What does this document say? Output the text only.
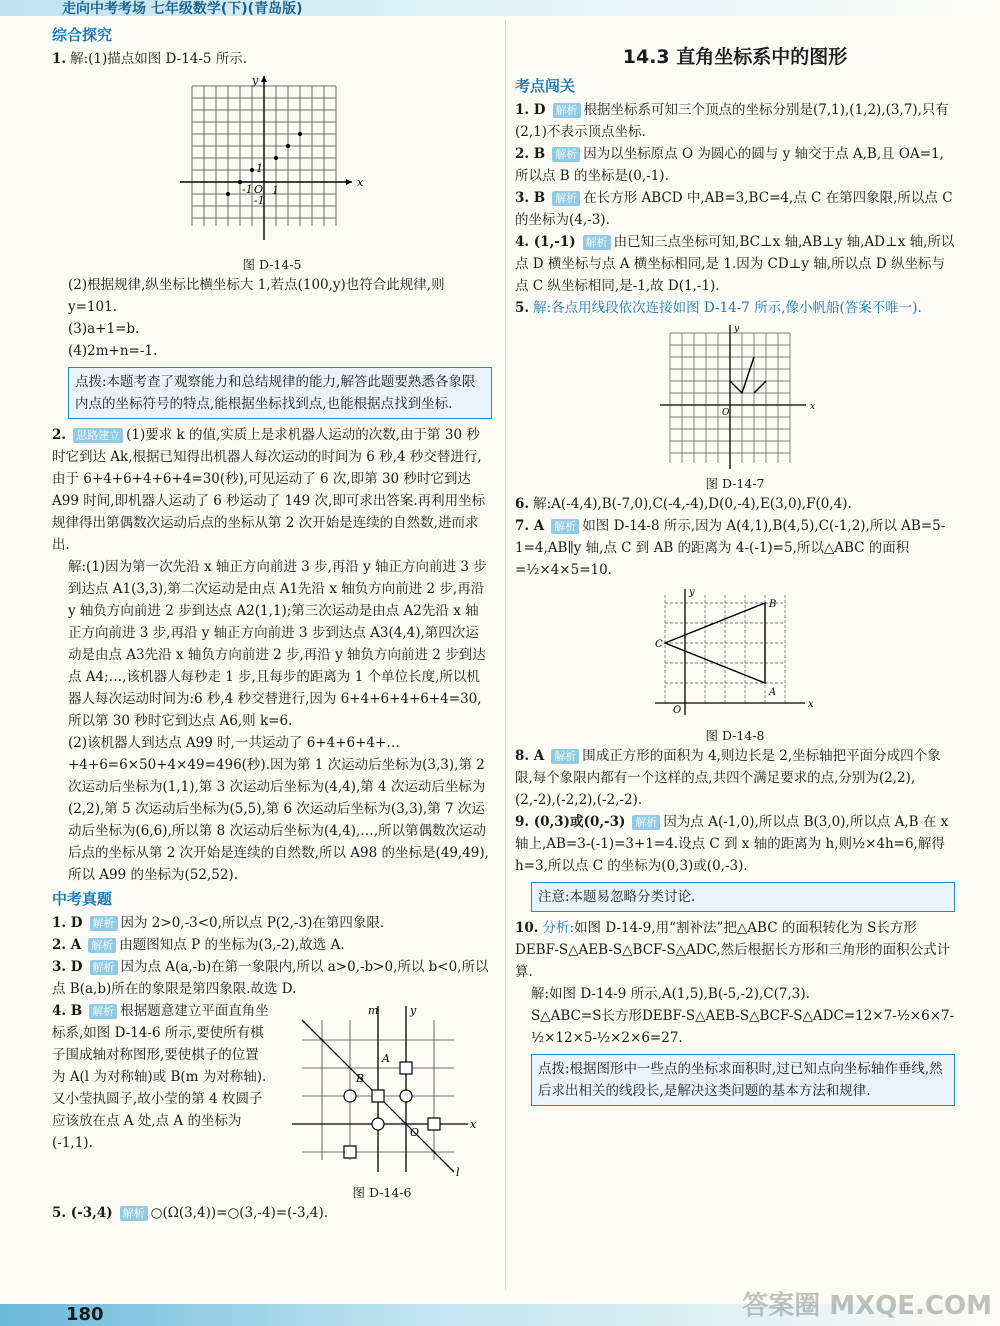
走向中考考场 七年级数学(下)(青岛版)
综合探究

1. 解:(1)描点如图 D-14-5 所示.

x
y
O 1
1
-1
-1
图 D-14-5

(2)根据规律,纵坐标比横坐标大 1,若点(100,y)也符合此规律,则 y=101.

(3)a+1=b.

(4)2m+n=-1.

点拨:本题考查了观察能力和总结规律的能力,解答此题要熟悉各象限内点的坐标符号的特点,能根据坐标找到点,也能根据点找到坐标.

2. 思路建立 (1)要求 k 的值,实质上是求机器人运动的次数,由于第 30 秒时它到达 Ak,根据已知得出机器人每次运动的时间为 6 秒,4 秒交替进行,由于 6+4+6+4+6+4=30(秒),可见运动了 6 次,即第 30 秒时它到达 A99 时间,即机器人运动了 6 秒运动了 149 次,即可求出答案.再利用坐标规律得出第偶数次运动后点的坐标从第 2 次开始是连续的自然数,进而求出.

解:(1)因为第一次先沿 x 轴正方向前进 3 步,再沿 y 轴正方向前进 3 步到达点 A1(3,3),第二次运动是由点 A1先沿 x 轴负方向前进 2 步,再沿 y 轴负方向前进 2 步到达点 A2(1,1);第三次运动是由点 A2先沿 x 轴正方向前进 3 步,再沿 y 轴正方向前进 3 步到达点 A3(4,4),第四次运动是由点 A3先沿 x 轴负方向前进 2 步,再沿 y 轴负方向前进 2 步到达点 A4;…,该机器人每秒走 1 步,且每步的距离为 1 个单位长度,所以机器人每次运动时间为:6 秒,4 秒交替进行,因为 6+4+6+4+6+4=30,所以第 30 秒时它到达点 A6,则 k=6.

(2)该机器人到达点 A99 时,一共运动了 6+4+6+4+…+4+6=6×50+4×49=496(秒).因为第 1 次运动后坐标为(3,3),第 2 次运动后坐标为(1,1),第 3 次运动后坐标为(4,4),第 4 次运动后坐标为(2,2),第 5 次运动后坐标为(5,5),第 6 次运动后坐标为(3,3),第 7 次运动后坐标为(6,6),所以第 8 次运动后坐标为(4,4),…,所以第偶数次运动后点的坐标从第 2 次开始是连续的自然数,所以 A98 的坐标是(49,49),所以 A99 的坐标为(52,52).

中考真题

1. D 解析 因为 2>0,-3<0,所以点 P(2,-3)在第四象限.

2. A 解析 由题图知点 P 的坐标为(3,-2),故选 A.

3. D 解析 因为点 A(a,-b)在第一象限内,所以 a>0,-b>0,所以 b<0,所以点 B(a,b)所在的象限是第四象限.故选 D.

4. B 解析 根据题意建立平面直角坐标系,如图 D-14-6 所示,要使所有棋子围成轴对称图形,要使棋子的位置为 A(l 为对称轴)或 B(m 为对称轴).又小莹执圆子,故小莹的第 4 枚圆子应该放在点 A 处,点 A 的坐标为(-1,1).

m	y
x
l
O
A
B
图 D-14-6

5. (-3,4) 解析 ○(Ω(3,4))=○(3,-4)=(-3,4).

14.3 直角坐标系中的图形
考点闯关

1. D 解析 根据坐标系可知三个顶点的坐标分别是(7,1),(1,2),(3,7),只有(2,1)不表示顶点坐标.

2. B 解析 因为以坐标原点 O 为圆心的圆与 y 轴交于点 A,B,且 OA=1,所以点 B 的坐标是(0,-1).

3. B 解析 在长方形 ABCD 中,AB=3,BC=4,点 C 在第四象限,所以点 C 的坐标为(4,-3).

4. (1,-1) 解析 由已知三点坐标可知,BC⊥x 轴,AB⊥y 轴,AD⊥x 轴,所以点 D 横坐标与点 A 横坐标相同,是 1.因为 CD⊥y 轴,所以点 D 纵坐标与点 C 纵坐标相同,是-1,故 D(1,-1).

5. 解:各点用线段依次连接如图 D-14-7 所示,像小帆船(答案不唯一).

x
y
O
图 D-14-7

6. 解:A(-4,4),B(-7,0),C(-4,-4),D(0,-4),E(3,0),F(0,4).

7. A 解析 如图 D-14-8 所示,因为 A(4,1),B(4,5),C(-1,2),所以 AB=5-1=4,AB∥y 轴,点 C 到 AB 的距离为 4-(-1)=5,所以△ABC 的面积=½×4×5=10.

x
y
O
C
B
A
图 D-14-8

8. A 解析 围成正方形的面积为 4,则边长是 2,坐标轴把平面分成四个象限,每个象限内都有一个这样的点,共四个满足要求的点,分别为(2,2),(2,-2),(-2,2),(-2,-2).

9. (0,3)或(0,-3) 解析 因为点 A(-1,0),所以点 B(3,0),所以点 A,B 在 x 轴上,AB=3-(-1)=3+1=4.设点 C 到 x 轴的距离为 h,则½×4h=6,解得 h=3,所以点 C 的坐标为(0,3)或(0,-3).

注意:本题易忽略分类讨论.

10. 分析:如图 D-14-9,用“割补法”把△ABC 的面积转化为 S长方形DEBF-S△AEB-S△BCF-S△ADC,然后根据长方形和三角形的面积公式计算.

解:如图 D-14-9 所示,A(1,5),B(-5,-2),C(7,3).

S△ABC=S长方形DEBF-S△AEB-S△BCF-S△ADC=12×7-½×6×7-½×12×5-½×2×6=27.

点拨:根据图形中一些点的坐标求面积时,过已知点向坐标轴作垂线,然后求出相关的线段长,是解决这类问题的基本方法和规律.
180	答案圈 MXQE.COM
